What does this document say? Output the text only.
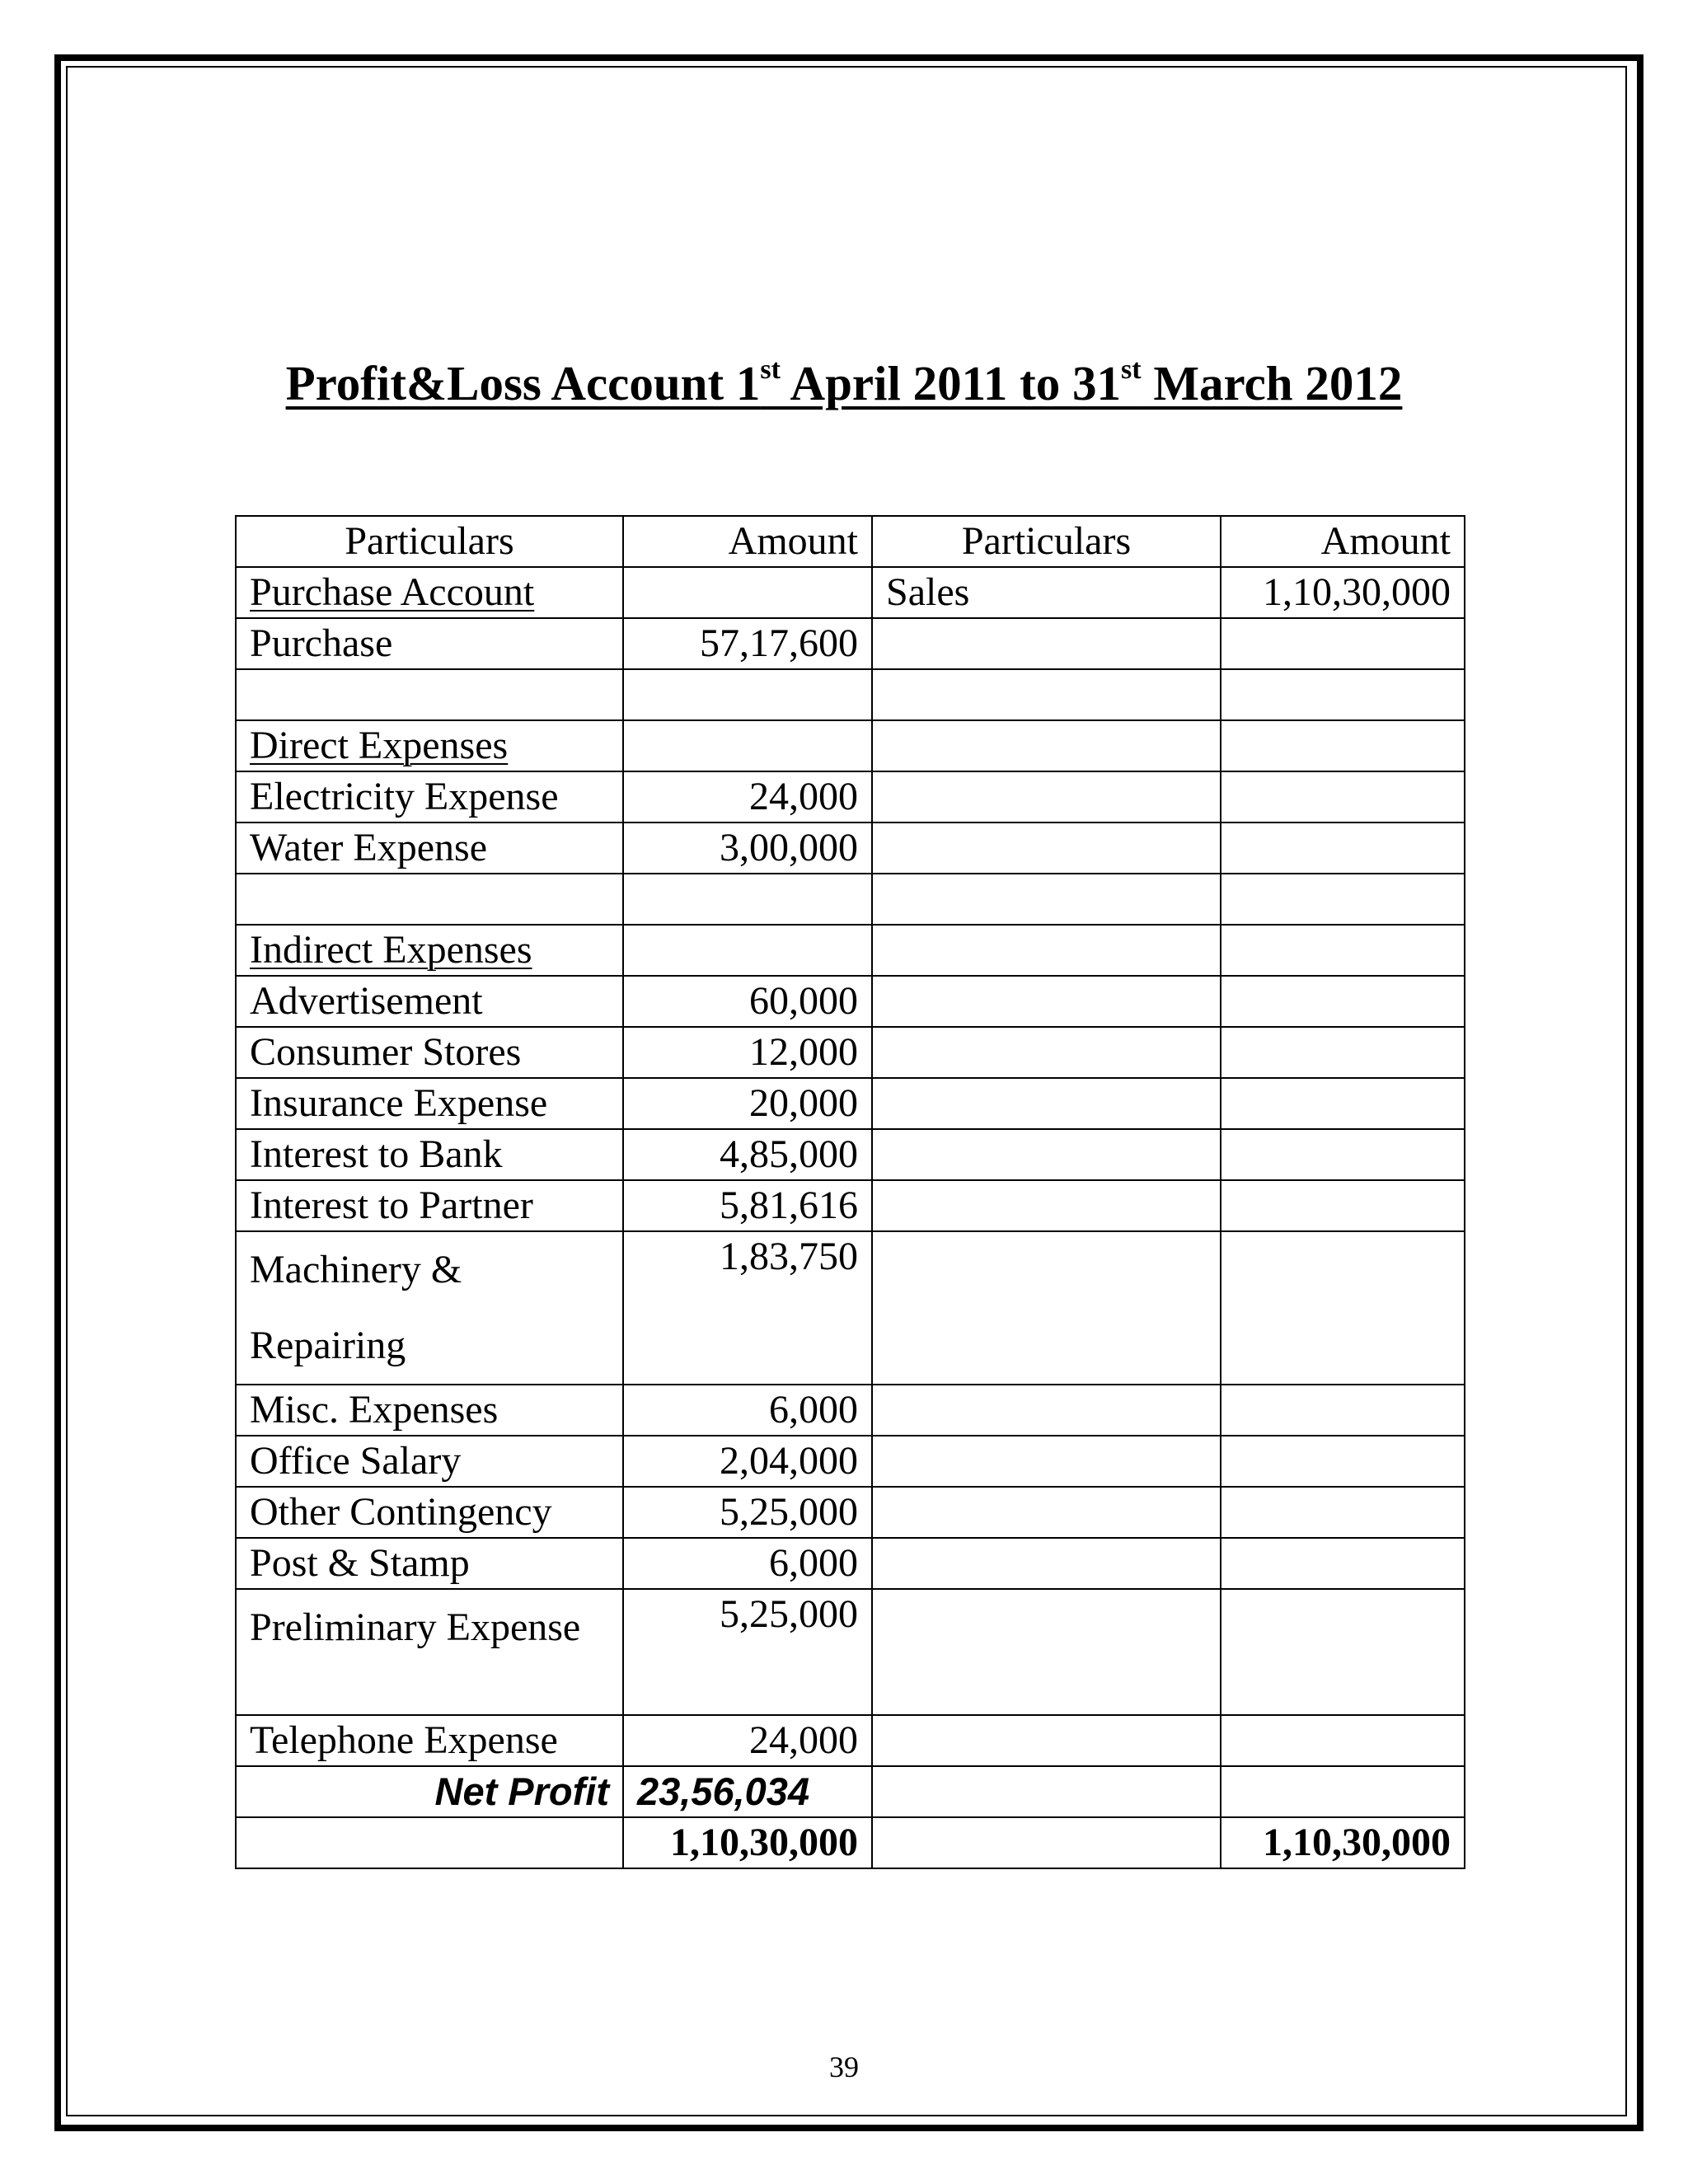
Profit&Loss Account 1st April 2011 to 31st March 2012
Particulars	Amount	Particulars	Amount
Purchase Account		Sales	1,10,30,000
Purchase	57,17,600		

Direct Expenses			
Electricity Expense	24,000		
Water Expense	3,00,000		

Indirect Expenses			
Advertisement	60,000		
Consumer Stores	12,000		
Insurance Expense	20,000		
Interest to Bank	4,85,000		
Interest to Partner	5,81,616		
Machinery & Repairing	1,83,750		
Misc. Expenses	6,000		
Office Salary	2,04,000		
Other Contingency	5,25,000		
Post & Stamp	6,000		
Preliminary Expense	5,25,000		
Telephone Expense	24,000		
Net Profit	23,56,034		
	1,10,30,000		1,10,30,000
39
